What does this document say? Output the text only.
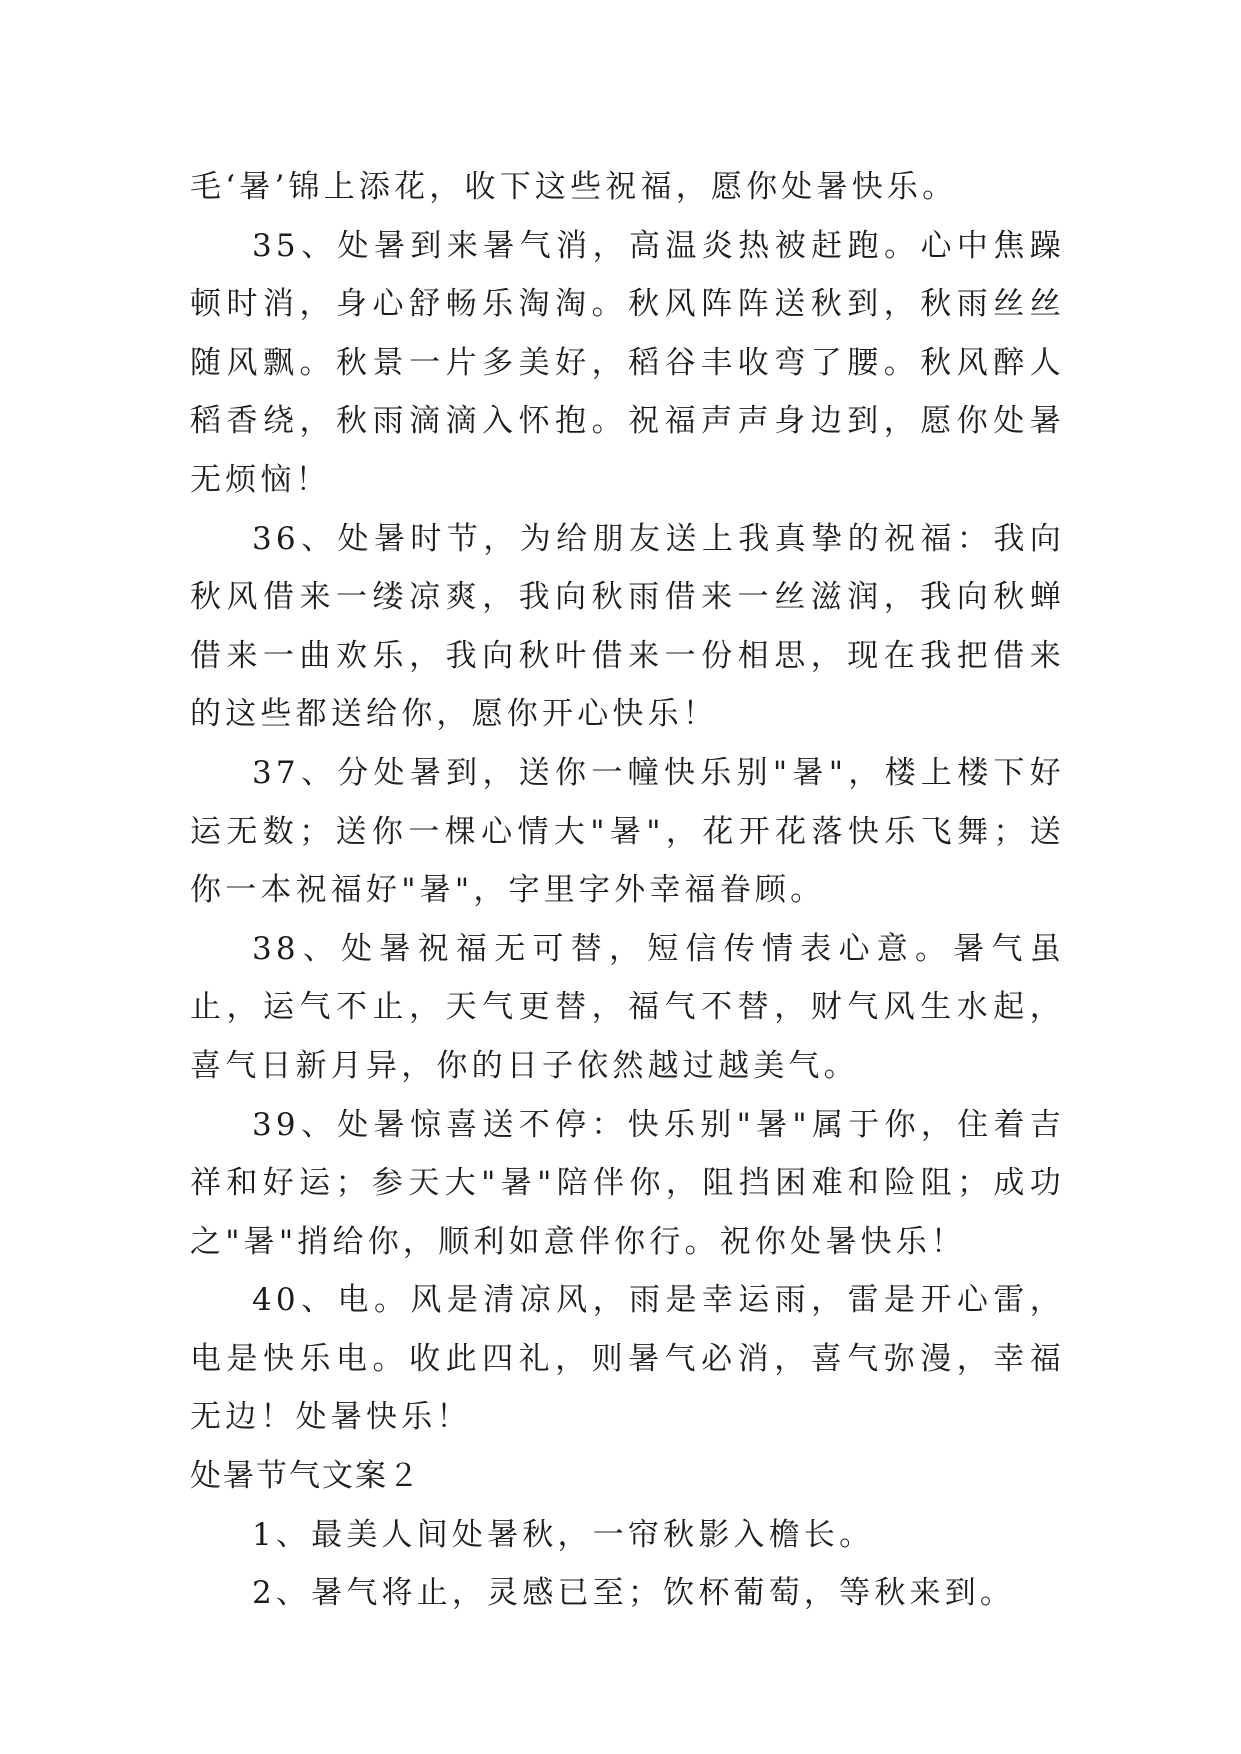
毛‘暑’锦上添花，收下这些祝福，愿你处暑快乐。

35、处暑到来暑气消，高温炎热被赶跑。心中焦躁顿时消，身心舒畅乐淘淘。秋风阵阵送秋到，秋雨丝丝随风飘。秋景一片多美好，稻谷丰收弯了腰。秋风醉人稻香绕，秋雨滴滴入怀抱。祝福声声身边到，愿你处暑无烦恼！

36、处暑时节，为给朋友送上我真挚的祝福：我向秋风借来一缕凉爽，我向秋雨借来一丝滋润，我向秋蝉借来一曲欢乐，我向秋叶借来一份相思，现在我把借来的这些都送给你，愿你开心快乐！

37、分处暑到，送你一幢快乐别"暑"，楼上楼下好运无数；送你一棵心情大"暑"，花开花落快乐飞舞；送你一本祝福好"暑"，字里字外幸福眷顾。

38、处暑祝福无可替，短信传情表心意。暑气虽止，运气不止，天气更替，福气不替，财气风生水起，喜气日新月异，你的日子依然越过越美气。

39、处暑惊喜送不停：快乐别"暑"属于你，住着吉祥和好运；参天大"暑"陪伴你，阻挡困难和险阻；成功之"暑"捎给你，顺利如意伴你行。祝你处暑快乐！

40、电。风是清凉风，雨是幸运雨，雷是开心雷，电是快乐电。收此四礼，则暑气必消，喜气弥漫，幸福无边！处暑快乐！

处暑节气文案２

1、最美人间处暑秋，一帘秋影入檐长。

2、暑气将止，灵感已至；饮杯葡萄，等秋来到。
